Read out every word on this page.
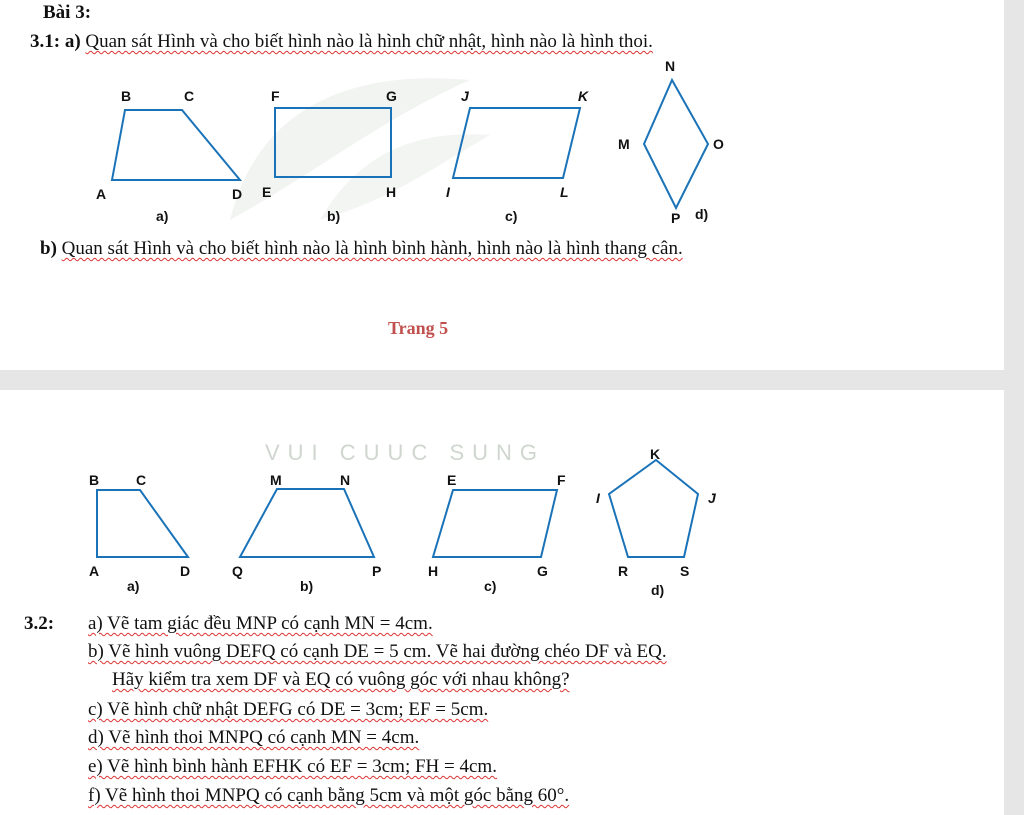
Bài 3:
3.1: a) Quan sát Hình và cho biết hình nào là hình chữ nhật, hình nào là hình thoi.
B	C
A	D
a)
F	G
E	H
b)
J	K
I	L
c)
N
M	O
P d)
b) Quan sát Hình và cho biết hình nào là hình bình hành, hình nào là hình thang cân.
Trang 5
VUI CUUC SUNG
B	C
A	D
a)
M	N
Q	P
b)
E	F
H	G
c)
K
I	J
R	S
d)
3.2: a) Vẽ tam giác đều MNP có cạnh MN = 4cm.
b) Vẽ hình vuông DEFQ có cạnh DE = 5 cm. Vẽ hai đường chéo DF và EQ.
Hãy kiểm tra xem DF và EQ có vuông góc với nhau không?
c) Vẽ hình chữ nhật DEFG có DE = 3cm; EF = 5cm.
d) Vẽ hình thoi MNPQ có cạnh MN = 4cm.
e) Vẽ hình bình hành EFHK có EF = 3cm; FH = 4cm.
f) Vẽ hình thoi MNPQ có cạnh bằng 5cm và một góc bằng 60°.
